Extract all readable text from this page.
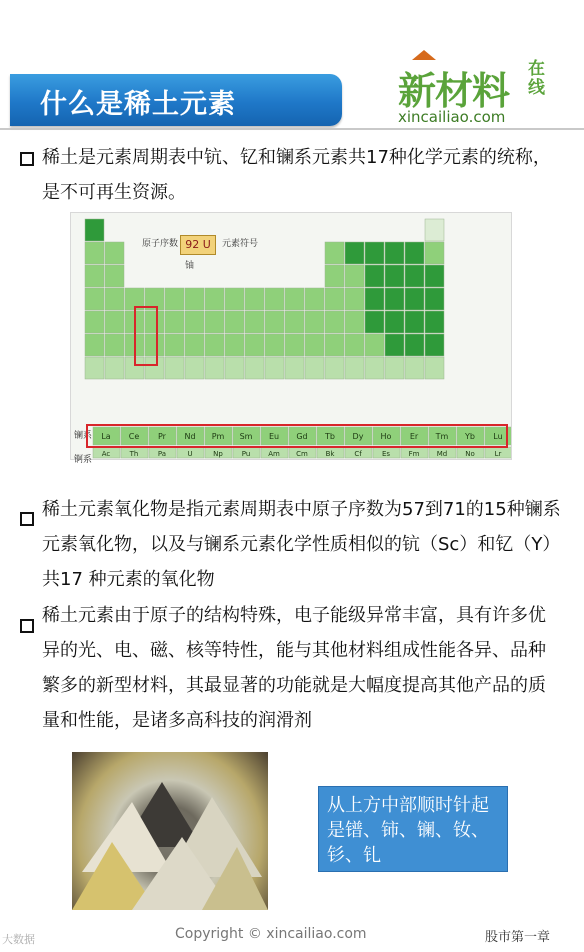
什么是稀土元素	新材料 在线
xincailiao.com
稀土是元素周期表中钪、钇和镧系元素共17种化学元素的统称，是不可再生资源。
La Ce Pr Nd Pm Sm Eu Gd Tb Dy Ho Er Tm Yb Lu
Ac	Th	Pa	U	Np	Pu	Am Cm	Bk	Cf	Es	Fm Md	No	Lr
92 U
铀
原子序数	元素符号
镧系
锕系
稀土元素氧化物是指元素周期表中原子序数为57到71的15种镧系元素氧化物，以及与镧系元素化学性质相似的钪（Sc）和钇（Y）共17 种元素的氧化物
稀土元素由于原子的结构特殊，电子能级异常丰富，具有许多优异的光、电、磁、核等特性，能与其他材料组成性能各异、品种繁多的新型材料，其最显著的功能就是大幅度提高其他产品的质量和性能，是诸多高科技的润滑剂
从上方中部顺时针起是镨、铈、镧、钕、钐、钆
Copyright © xincailiao.com
大数据	股市第一章
